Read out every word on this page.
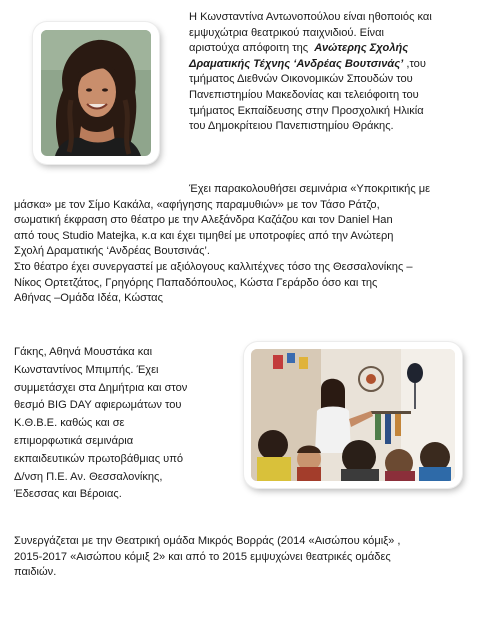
Η Κωνσταντίνα Αντωνοπούλου είναι ηθοποιός και
εμψυχώτρια θεατρικού παιχνιδιού. Είναι
αριστούχα απόφοιτη της Ανώτερης Σχολής
Δραματικής Τέχνης ‘Ανδρέας Βουτσινάς’ ,του
τμήματος Διεθνών Οικονομικών Σπουδών του
Πανεπιστημίου Μακεδονίας και τελειόφοιτη του
τμήματος Εκπαίδευσης στην Προσχολική Ηλικία
του Δημοκρίτειου Πανεπιστημίου Θράκης.
Έχει παρακολουθήσει σεμινάρια «Υποκριτικής με
μάσκα» με τον Σίμο Κακάλα, «αφήγησης παραμυθιών» με τον Τάσο Ράτζο,
σωματική έκφραση στο θέατρο με την Αλεξάνδρα Καζάζου και τον Daniel Han
από τους Studio Matejka, κ.α και έχει τιμηθεί με υποτροφίες από την Ανώτερη
Σχολή Δραματικής ‘Ανδρέας Βουτσινάς’.
Στο θέατρο έχει συνεργαστεί με αξιόλογους καλλιτέχνες τόσο της Θεσσαλονίκης –
Νίκος Ορτετζάτος, Γρηγόρης Παπαδόπουλος, Κώστα Γεράρδο όσο και της
Αθήνας –Ομάδα Ιδέα, Κώστας
Γάκης, Αθηνά Μουστάκα και
Κωνσταντίνος Μπιμπής. Έχει
συμμετάσχει στα Δημήτρια και στον
θεσμό BIG DAY αφιερωμάτων του
Κ.Θ.Β.Ε. καθώς και σε
επιμορφωτικά σεμινάρια
εκπαιδευτικών πρωτοβάθμιας υπό
Δ/νση Π.Ε. Αν. Θεσσαλονίκης,
Έδεσσας και Βέροιας.
Συνεργάζεται με την Θεατρική ομάδα Μικρός Βορράς (2014 «Αισώπου κόμιξ» ,
2015-2017 «Αισώπου κόμιξ 2» και από το 2015 εμψυχώνει θεατρικές ομάδες
παιδιών.
